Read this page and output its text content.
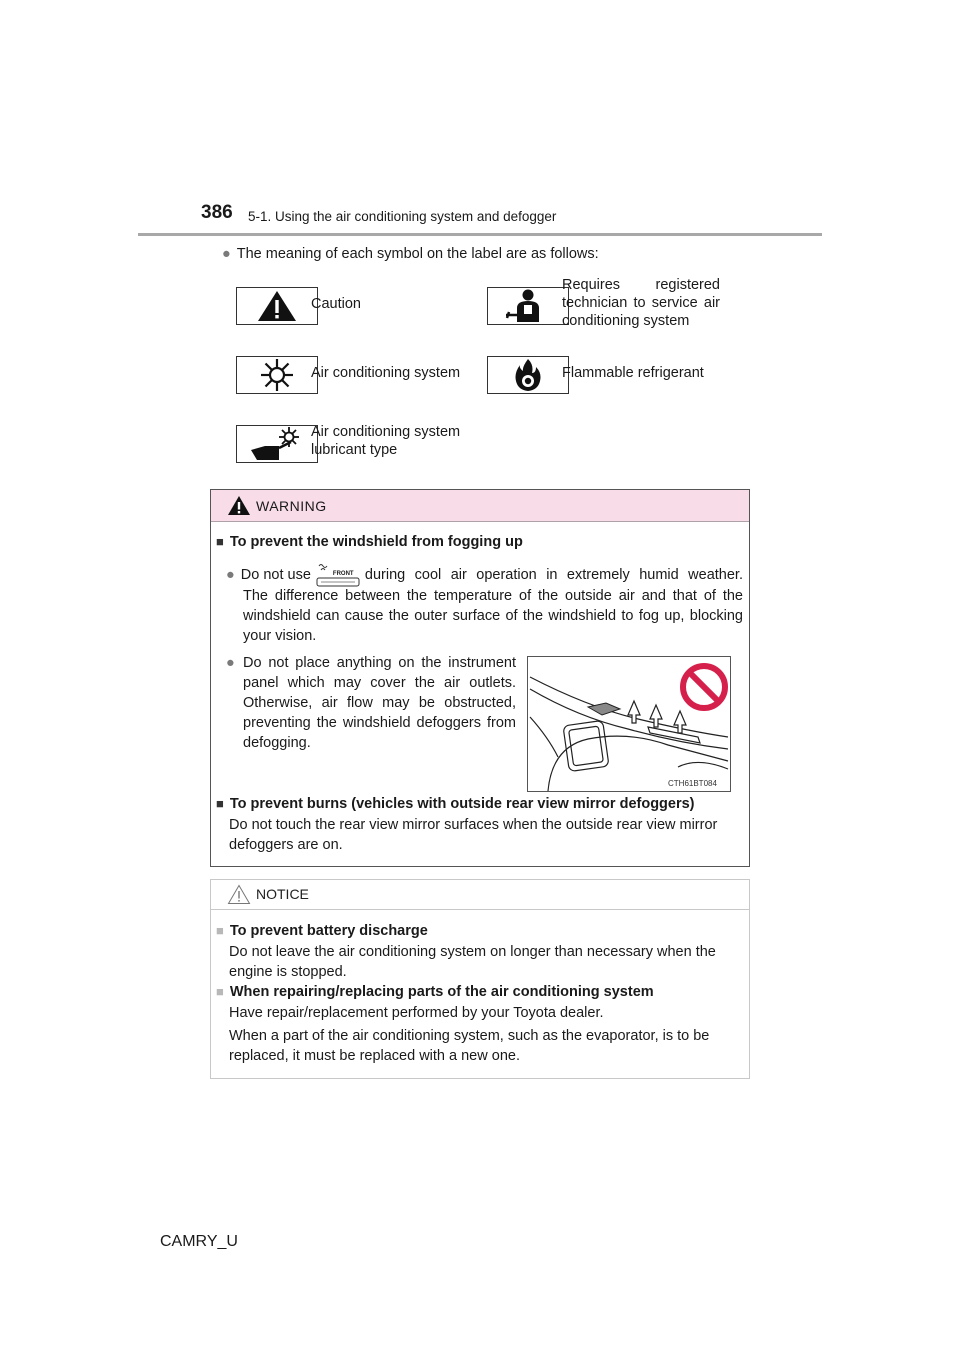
386 5-1. Using the air conditioning system and defogger
● The meaning of each symbol on the label are as follows:
Caution
Requires registered technician to service air conditioning system
Air conditioning system	Flammable refrigerant
Air conditioning system lubricant type
WARNING
■ To prevent the windshield from fogging up
● Do not use	FRONT during cool air operation in extremely humid weather.
The difference between the temperature of the outside air and that of the windshield can cause the outer surface of the windshield to fog up, blocking your vision.
● Do not place anything on the instrument panel which may cover the air outlets. Otherwise, air flow may be obstructed, preventing the windshield defoggers from defogging.
CTH61BT084
■ To prevent burns (vehicles with outside rear view mirror defoggers)
Do not touch the rear view mirror surfaces when the outside rear view mirror defoggers are on.
NOTICE
■ To prevent battery discharge
Do not leave the air conditioning system on longer than necessary when the engine is stopped.
■ When repairing/replacing parts of the air conditioning system
Have repair/replacement performed by your Toyota dealer.
When a part of the air conditioning system, such as the evaporator, is to be replaced, it must be replaced with a new one.
CAMRY_U
